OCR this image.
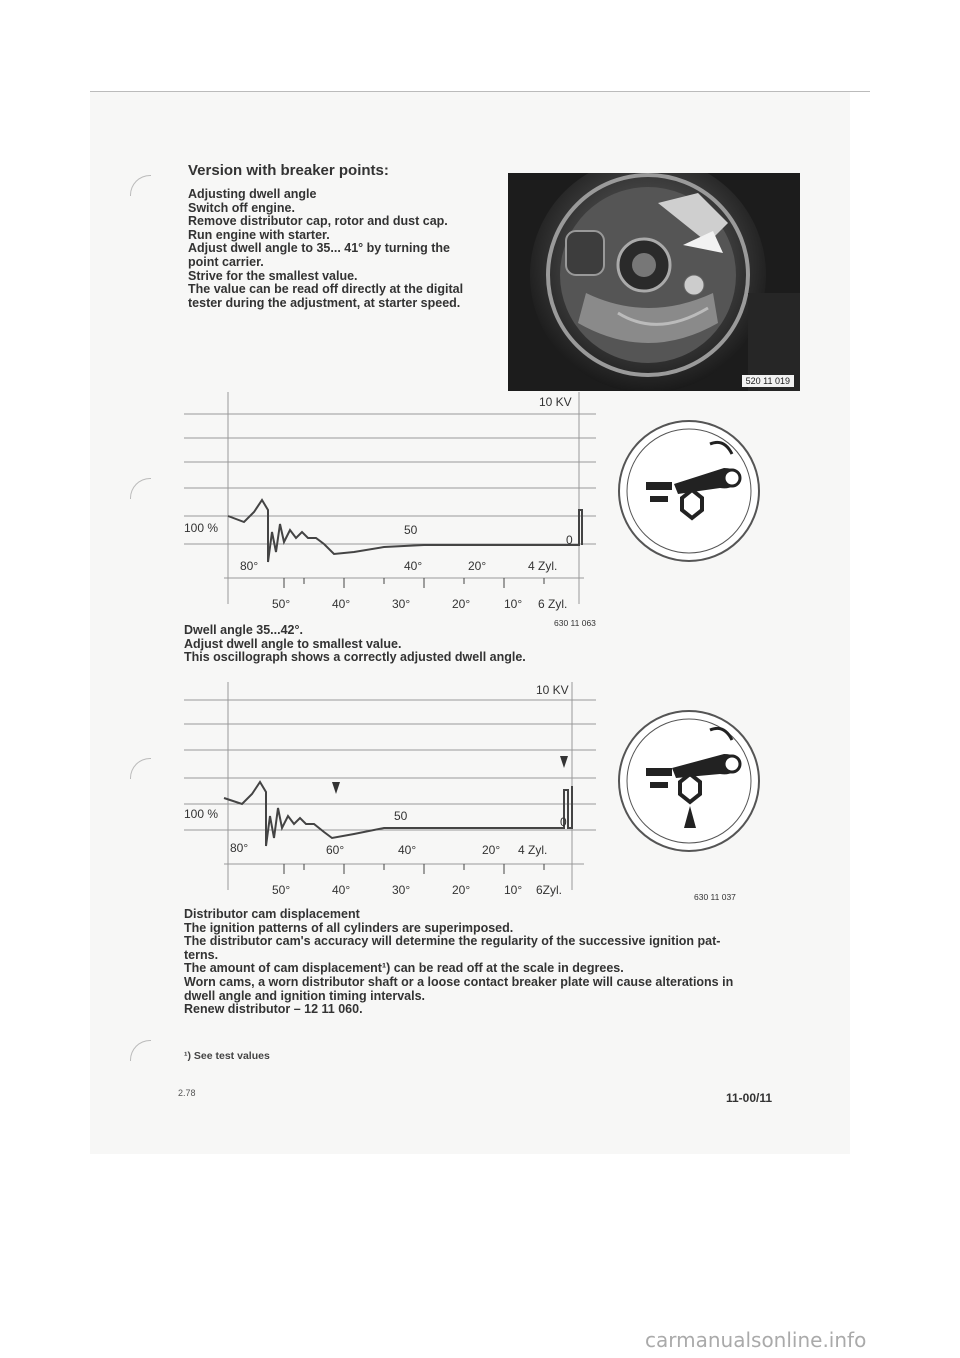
Version with breaker points:

Adjusting dwell angle

Switch off engine.

Remove distributor cap, rotor and dust cap.

Run engine with starter.

Adjust dwell angle to 35... 41° by turning the

point carrier.

Strive for the smallest value.

The value can be read off directly at the digital

tester during the adjustment, at starter speed.

520 11 019
10 KV
100 %	50
0
80°	40°	20°	4 Zyl.
50°	40°	30°	20°	10° 6 Zyl.
630 11 063

Dwell angle 35...42°.

Adjust dwell angle to smallest value.

This oscillograph shows a correctly adjusted dwell angle.

10 KV
100 %	50	0
80°	60°	40°	20° 4 Zyl.
50°	40°	30°	20°	10° 6Zyl.	630 11 037

Distributor cam displacement

The ignition patterns of all cylinders are superimposed.

The distributor cam's accuracy will determine the regularity of the successive ignition pat-

terns.

The amount of cam displacement¹) can be read off at the scale in degrees.

Worn cams, a worn distributor shaft or a loose contact breaker plate will cause alterations in

dwell angle and ignition timing intervals.

Renew distributor – 12 11 060.

¹) See test values
2.78	11-00/11
carmanualsonline.info
